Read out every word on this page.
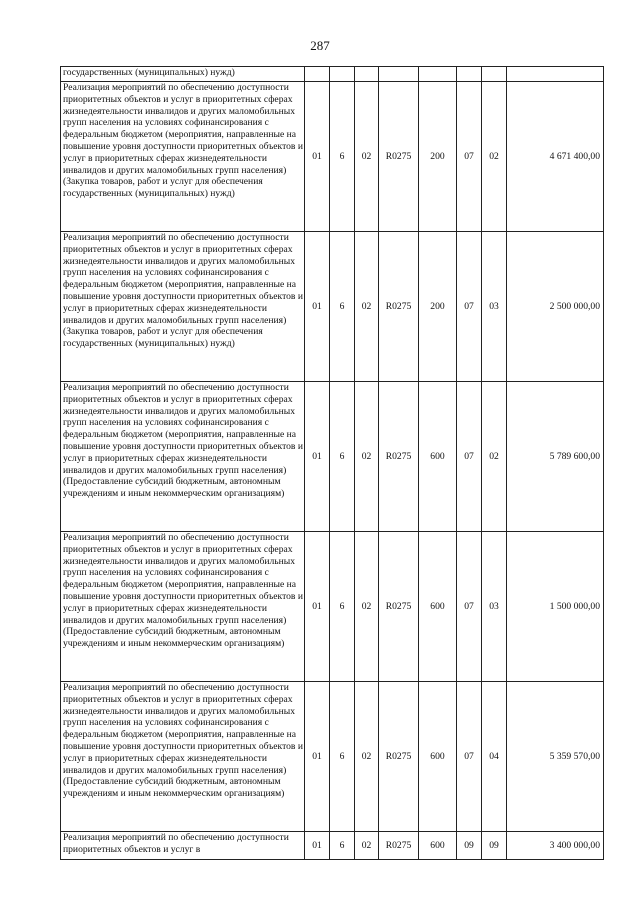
287
государственных (муниципальных) нужд)								
Реализация мероприятий по обеспечению доступности приоритетных объектов и услуг в приоритетных сферах жизнедеятельности инвалидов и других маломобильных групп населения на условиях софинансирования с федеральным бюджетом (мероприятия, направленные на повышение уровня доступности приоритетных объектов и услуг в приоритетных сферах жизнедеятельности инвалидов и других маломобильных групп населения) (Закупка товаров, работ и услуг для обеспечения государственных (муниципальных) нужд)	01	6	02	R0275	200	07	02	4 671 400,00
Реализация мероприятий по обеспечению доступности приоритетных объектов и услуг в приоритетных сферах жизнедеятельности инвалидов и других маломобильных групп населения на условиях софинансирования с федеральным бюджетом (мероприятия, направленные на повышение уровня доступности приоритетных объектов и услуг в приоритетных сферах жизнедеятельности инвалидов и других маломобильных групп населения) (Закупка товаров, работ и услуг для обеспечения государственных (муниципальных) нужд)	01	6	02	R0275	200	07	03	2 500 000,00
Реализация мероприятий по обеспечению доступности приоритетных объектов и услуг в приоритетных сферах жизнедеятельности инвалидов и других маломобильных групп населения на условиях софинансирования с федеральным бюджетом (мероприятия, направленные на повышение уровня доступности приоритетных объектов и услуг в приоритетных сферах жизнедеятельности инвалидов и других маломобильных групп населения) (Предоставление субсидий бюджетным, автономным учреждениям и иным некоммерческим организациям)	01	6	02	R0275	600	07	02	5 789 600,00
Реализация мероприятий по обеспечению доступности приоритетных объектов и услуг в приоритетных сферах жизнедеятельности инвалидов и других маломобильных групп населения на условиях софинансирования с федеральным бюджетом (мероприятия, направленные на повышение уровня доступности приоритетных объектов и услуг в приоритетных сферах жизнедеятельности инвалидов и других маломобильных групп населения) (Предоставление субсидий бюджетным, автономным учреждениям и иным некоммерческим организациям)	01	6	02	R0275	600	07	03	1 500 000,00
Реализация мероприятий по обеспечению доступности приоритетных объектов и услуг в приоритетных сферах жизнедеятельности инвалидов и других маломобильных групп населения на условиях софинансирования с федеральным бюджетом (мероприятия, направленные на повышение уровня доступности приоритетных объектов и услуг в приоритетных сферах жизнедеятельности инвалидов и других маломобильных групп населения) (Предоставление субсидий бюджетным, автономным учреждениям и иным некоммерческим организациям)	01	6	02	R0275	600	07	04	5 359 570,00
Реализация мероприятий по обеспечению доступности приоритетных объектов и услуг в	01	6	02	R0275	600	09	09	3 400 000,00
